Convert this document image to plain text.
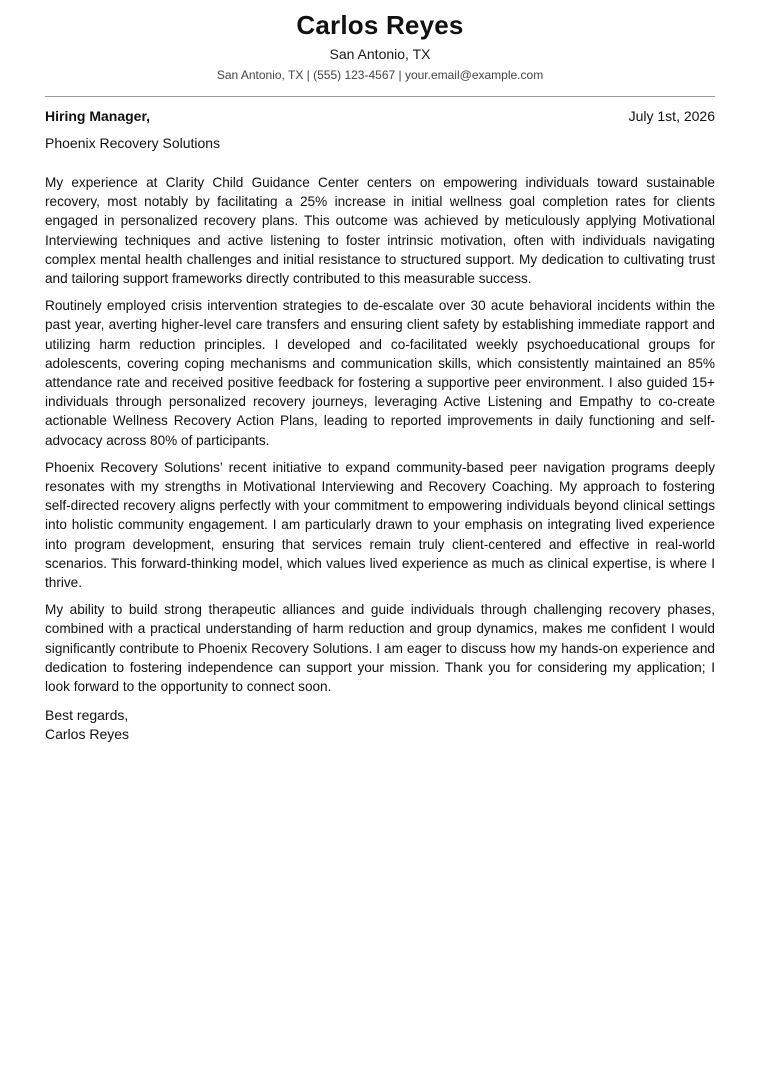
Carlos Reyes
San Antonio, TX
San Antonio, TX | (555) 123-4567 | your.email@example.com
Hiring Manager,	July 1st, 2026
Phoenix Recovery Solutions

My experience at Clarity Child Guidance Center centers on empowering individuals toward sustainable recovery, most notably by facilitating a 25% increase in initial wellness goal completion rates for clients engaged in personalized recovery plans. This outcome was achieved by meticulously applying Motivational Interviewing techniques and active listening to foster intrinsic motivation, often with individuals navigating complex mental health challenges and initial resistance to structured support. My dedication to cultivating trust and tailoring support frameworks directly contributed to this measurable success.

Routinely employed crisis intervention strategies to de-escalate over 30 acute behavioral incidents within the past year, averting higher-level care transfers and ensuring client safety by establishing immediate rapport and utilizing harm reduction principles. I developed and co-facilitated weekly psychoeducational groups for adolescents, covering coping mechanisms and communication skills, which consistently maintained an 85% attendance rate and received positive feedback for fostering a supportive peer environment. I also guided 15+ individuals through personalized recovery journeys, leveraging Active Listening and Empathy to co-create actionable Wellness Recovery Action Plans, leading to reported improvements in daily functioning and self-advocacy across 80% of participants.

Phoenix Recovery Solutions’ recent initiative to expand community-based peer navigation programs deeply resonates with my strengths in Motivational Interviewing and Recovery Coaching. My approach to fostering self-directed recovery aligns perfectly with your commitment to empowering individuals beyond clinical settings into holistic community engagement. I am particularly drawn to your emphasis on integrating lived experience into program development, ensuring that services remain truly client-centered and effective in real-world scenarios. This forward-thinking model, which values lived experience as much as clinical expertise, is where I thrive.

My ability to build strong therapeutic alliances and guide individuals through challenging recovery phases, combined with a practical understanding of harm reduction and group dynamics, makes me confident I would significantly contribute to Phoenix Recovery Solutions. I am eager to discuss how my hands-on experience and dedication to fostering independence can support your mission. Thank you for considering my application; I look forward to the opportunity to connect soon.

Best regards,
Carlos Reyes
